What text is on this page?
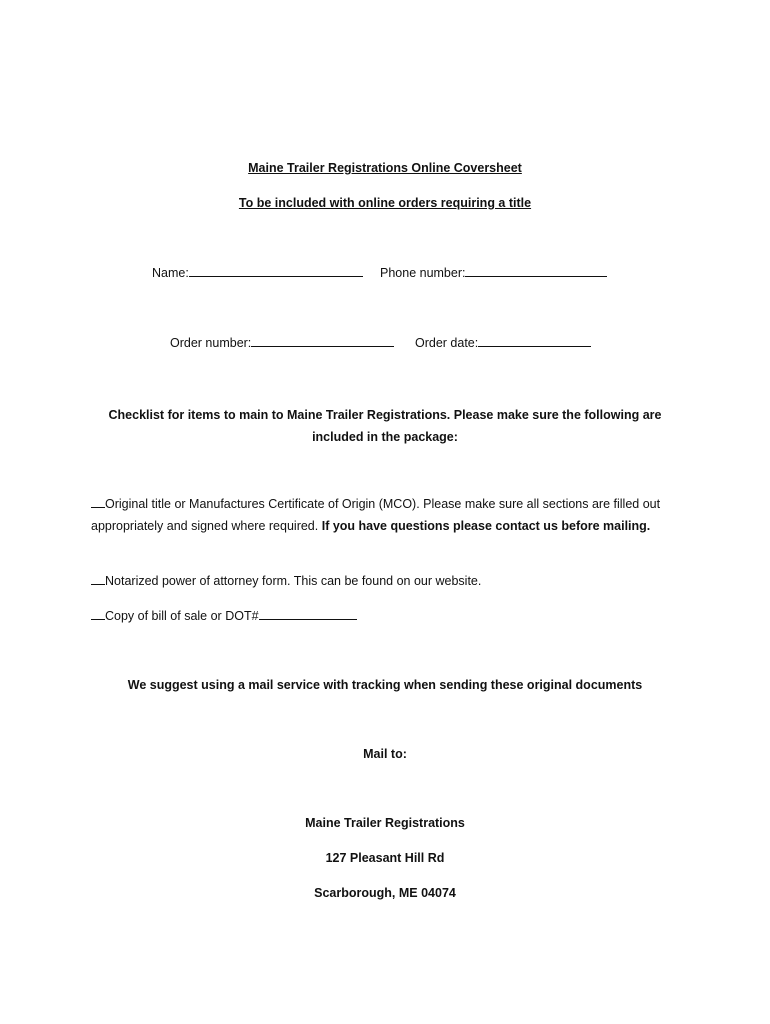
Maine Trailer Registrations Online Coversheet
To be included with online orders requiring a title
Name:	Phone number:
Order number:	Order date:
Checklist for items to main to Maine Trailer Registrations. Please make sure the following are included in the package:
Original title or Manufactures Certificate of Origin (MCO). Please make sure all sections are filled out appropriately and signed where required. If you have questions please contact us before mailing.
Notarized power of attorney form. This can be found on our website.
Copy of bill of sale or DOT#
We suggest using a mail service with tracking when sending these original documents
Mail to:
Maine Trailer Registrations
127 Pleasant Hill Rd
Scarborough, ME 04074
